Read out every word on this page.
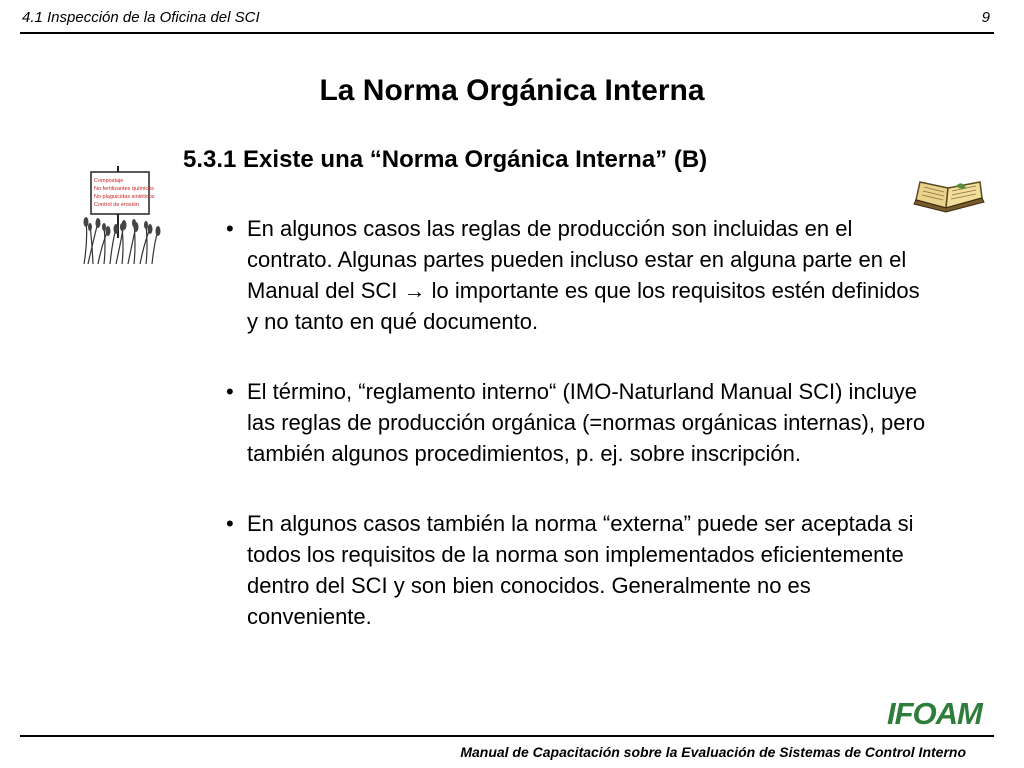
4.1 Inspección de la Oficina del SCI	9
La Norma Orgánica Interna
Compostaje
No fertilizantes químicos
No plaguicidas sintéticos
Control de erosión
5.3.1 Existe una “Norma Orgánica Interna” (B)
• En algunos casos las reglas de producción son incluidas en el contrato. Algunas partes pueden incluso estar en alguna parte en el Manual del SCI → lo importante es que los requisitos estén definidos y no tanto en qué documento.
• El término, “reglamento interno“ (IMO-Naturland Manual SCI) incluye las reglas de producción orgánica (=normas orgánicas internas), pero también algunos procedimientos, p. ej. sobre inscripción.
• En algunos casos también la norma “externa” puede ser aceptada si todos los requisitos de la norma son implementados eficientemente dentro del SCI y son bien conocidos. Generalmente no es conveniente.
IFOAM
Manual de Capacitación sobre la Evaluación de Sistemas de Control Interno
